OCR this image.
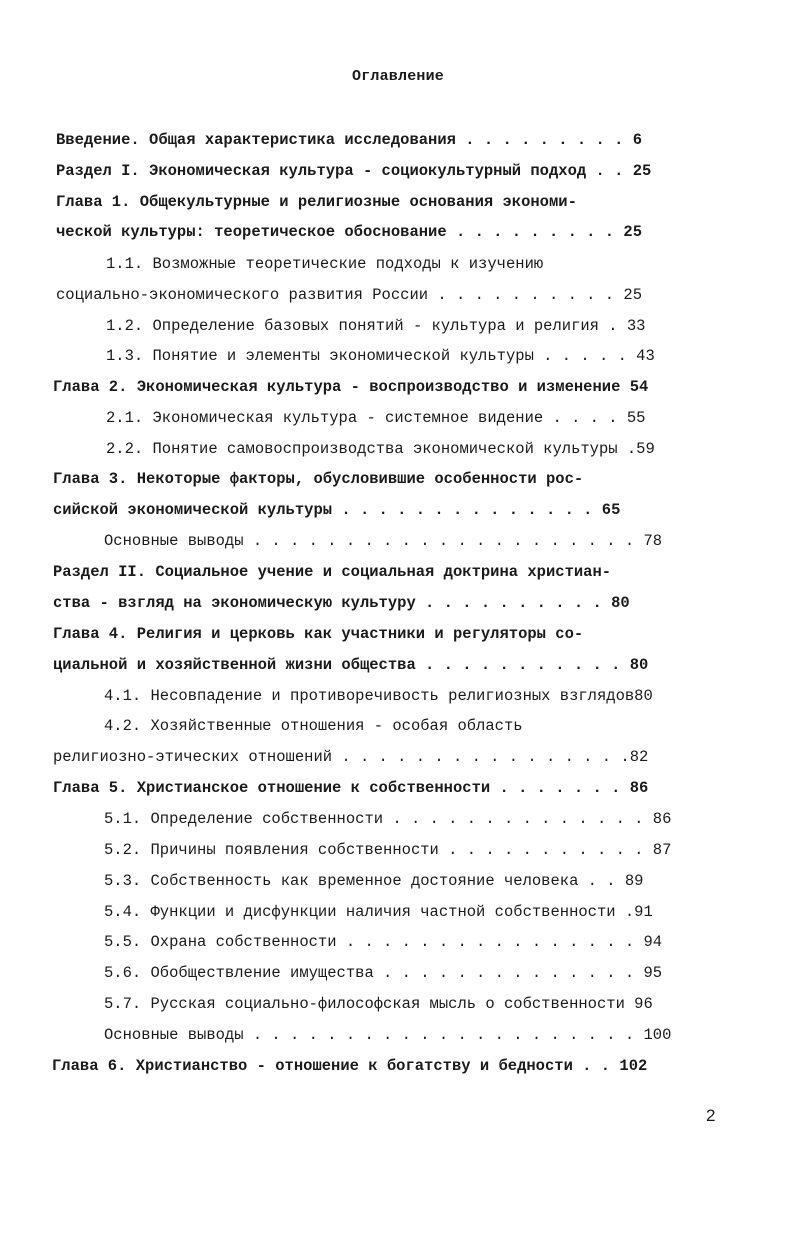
Оглавление
Введение. Общая характеристика исследования . . . . . . . . . 6
Раздел I. Экономическая культура - социокультурный подход . . 25
Глава 1. Общекультурные и религиозные основания экономи-
ческой культуры: теоретическое обоснование . . . . . . . . . 25
1.1. Возможные теоретические подходы к изучению
социально-экономического развития России . . . . . . . . . . 25
1.2. Определение базовых понятий - культура и религия . 33
1.3. Понятие и элементы экономической культуры . . . . . 43
Глава 2. Экономическая культура - воспроизводство и изменение 54
2.1. Экономическая культура - системное видение . . . . 55
2.2. Понятие самовоспроизводства экономической культуры .59
Глава 3. Некоторые факторы, обусловившие особенности рос-
сийской экономической культуры . . . . . . . . . . . . . . 65
Основные выводы . . . . . . . . . . . . . . . . . . . . . 78
Раздел II. Социальное учение и социальная доктрина христиан-
ства - взгляд на экономическую культуру . . . . . . . . . . 80
Глава 4. Религия и церковь как участники и регуляторы со-
циальной и хозяйственной жизни общества . . . . . . . . . . . 80
4.1. Несовпадение и противоречивость религиозных взглядов80
4.2. Хозяйственные отношения - особая область
религиозно-этических отношений . . . . . . . . . . . . . . . .82
Глава 5. Христианское отношение к собственности . . . . . . . 86
5.1. Определение собственности . . . . . . . . . . . . . . 86
5.2. Причины появления собственности . . . . . . . . . . . 87
5.3. Собственность как временное достояние человека . . 89
5.4. Функции и дисфункции наличия частной собственности .91
5.5. Охрана собственности . . . . . . . . . . . . . . . . 94
5.6. Обобществление имущества . . . . . . . . . . . . . . 95
5.7. Русская социально-философская мысль о собственности 96
Основные выводы . . . . . . . . . . . . . . . . . . . . . 100
Глава 6. Христианство - отношение к богатству и бедности . . 102
2
